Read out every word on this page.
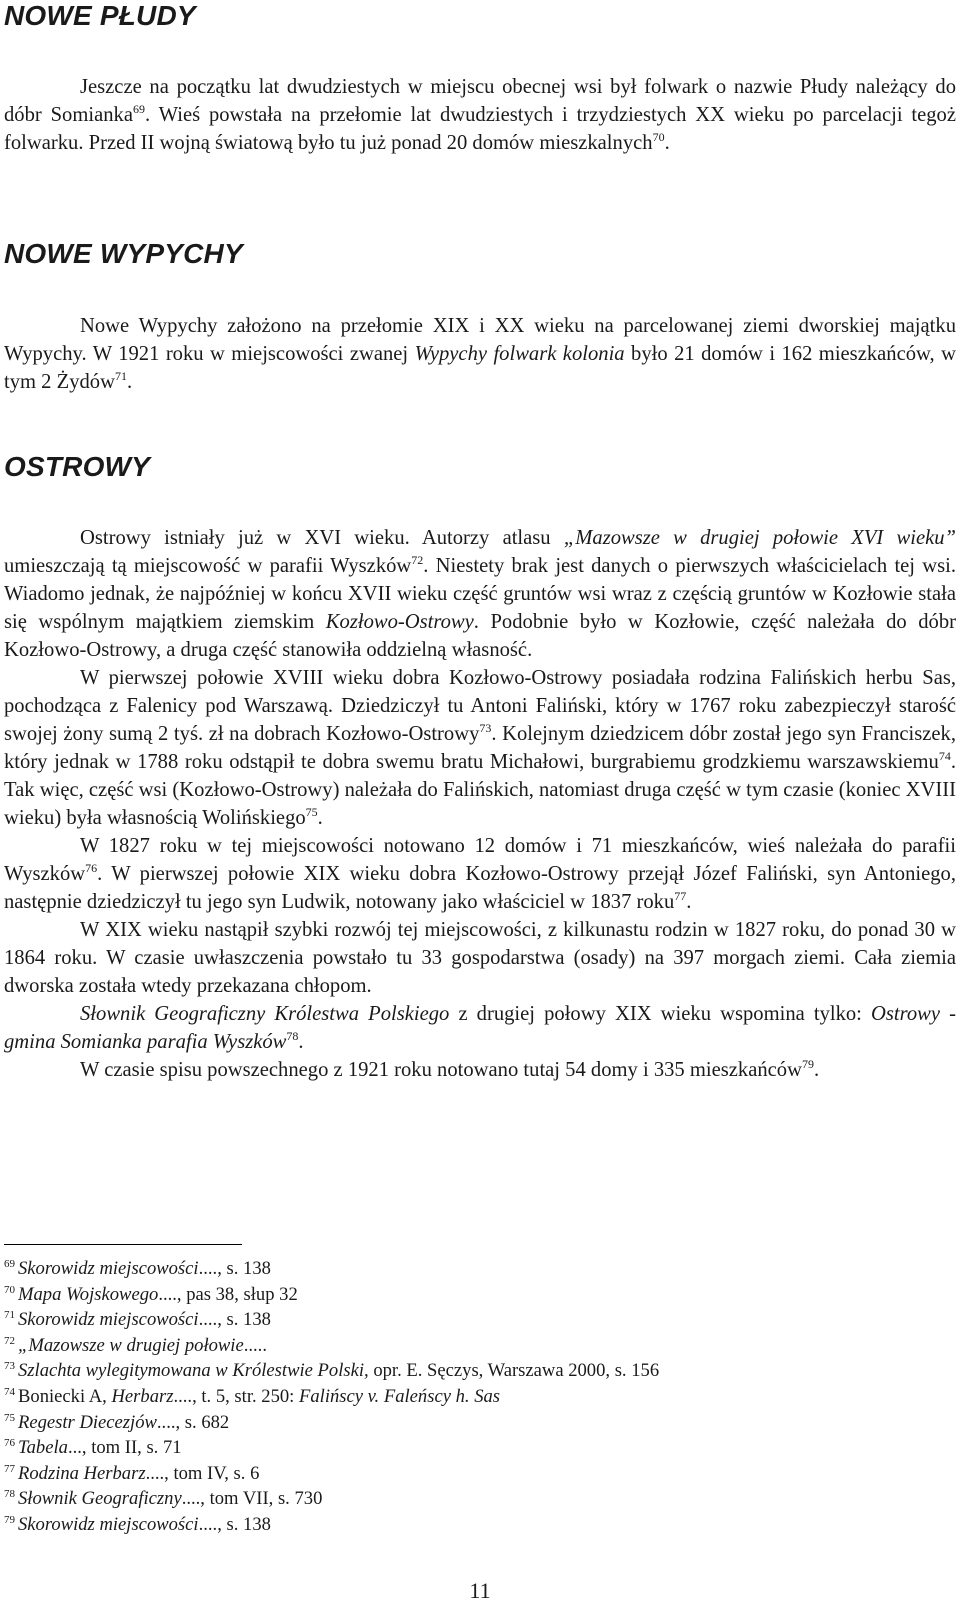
NOWE PŁUDY

Jeszcze na początku lat dwudziestych w miejscu obecnej wsi był folwark o nazwie Płudy należący do dóbr Somianka$^{69}$. Wieś powstała na przełomie lat dwudziestych i trzydziestych XX wieku po parcelacji tegoż folwarku. Przed II wojną światową było tu już ponad 20 domów mieszkalnych$^{70}$.

NOWE WYPYCHY

Nowe Wypychy założono na przełomie XIX i XX wieku na parcelowanej ziemi dworskiej majątku Wypychy. W 1921 roku w miejscowości zwanej Wypychy folwark kolonia było 21 domów i 162 mieszkańców, w tym 2 Żydów$^{71}$.

OSTROWY

Ostrowy istniały już w XVI wieku. Autorzy atlasu „Mazowsze w drugiej połowie XVI wieku” umieszczają tą miejscowość w parafii Wyszków$^{72}$. Niestety brak jest danych o pierwszych właścicielach tej wsi. Wiadomo jednak, że najpóźniej w końcu XVII wieku część gruntów wsi wraz z częścią gruntów w Kozłowie stała się wspólnym majątkiem ziemskim Kozłowo-Ostrowy. Podobnie było w Kozłowie, część należała do dóbr Kozłowo-Ostrowy, a druga część stanowiła oddzielną własność.

W pierwszej połowie XVIII wieku dobra Kozłowo-Ostrowy posiadała rodzina Falińskich herbu Sas, pochodząca z Falenicy pod Warszawą. Dziedziczył tu Antoni Faliński, który w 1767 roku zabezpieczył starość swojej żony sumą 2 tyś. zł na dobrach Kozłowo-Ostrowy$^{73}$. Kolejnym dziedzicem dóbr został jego syn Franciszek, który jednak w 1788 roku odstąpił te dobra swemu bratu Michałowi, burgrabiemu grodzkiemu warszawskiemu$^{74}$. Tak więc, część wsi (Kozłowo-Ostrowy) należała do Falińskich, natomiast druga część w tym czasie (koniec XVIII wieku) była własnością Wolińskiego$^{75}$.

W 1827 roku w tej miejscowości notowano 12 domów i 71 mieszkańców, wieś należała do parafii Wyszków$^{76}$. W pierwszej połowie XIX wieku dobra Kozłowo-Ostrowy przejął Józef Faliński, syn Antoniego, następnie dziedziczył tu jego syn Ludwik, notowany jako właściciel w 1837 roku$^{77}$.

W XIX wieku nastąpił szybki rozwój tej miejscowości, z kilkunastu rodzin w 1827 roku, do ponad 30 w 1864 roku. W czasie uwłaszczenia powstało tu 33 gospodarstwa (osady) na 397 morgach ziemi. Cała ziemia dworska została wtedy przekazana chłopom.

Słownik Geograficzny Królestwa Polskiego z drugiej połowy XIX wieku wspomina tylko: Ostrowy - gmina Somianka parafia Wyszków$^{78}$.

W czasie spisu powszechnego z 1921 roku notowano tutaj 54 domy i 335 mieszkańców$^{79}$.

$^{69}$ Skorowidz miejscowości...., s. 138

$^{70}$ Mapa Wojskowego...., pas 38, słup 32

$^{71}$ Skorowidz miejscowości...., s. 138

$^{72}$ „Mazowsze w drugiej połowie.....

$^{73}$ Szlachta wylegitymowana w Królestwie Polski, opr. E. Sęczys, Warszawa 2000, s. 156

$^{74}$ Boniecki A, Herbarz...., t. 5, str. 250: Falińscy v. Faleńscy h. Sas

$^{75}$ Regestr Diecezjów...., s. 682

$^{76}$ Tabela..., tom II, s. 71

$^{77}$ Rodzina Herbarz...., tom IV, s. 6

$^{78}$ Słownik Geograficzny...., tom VII, s. 730

$^{79}$ Skorowidz miejscowości...., s. 138

11
